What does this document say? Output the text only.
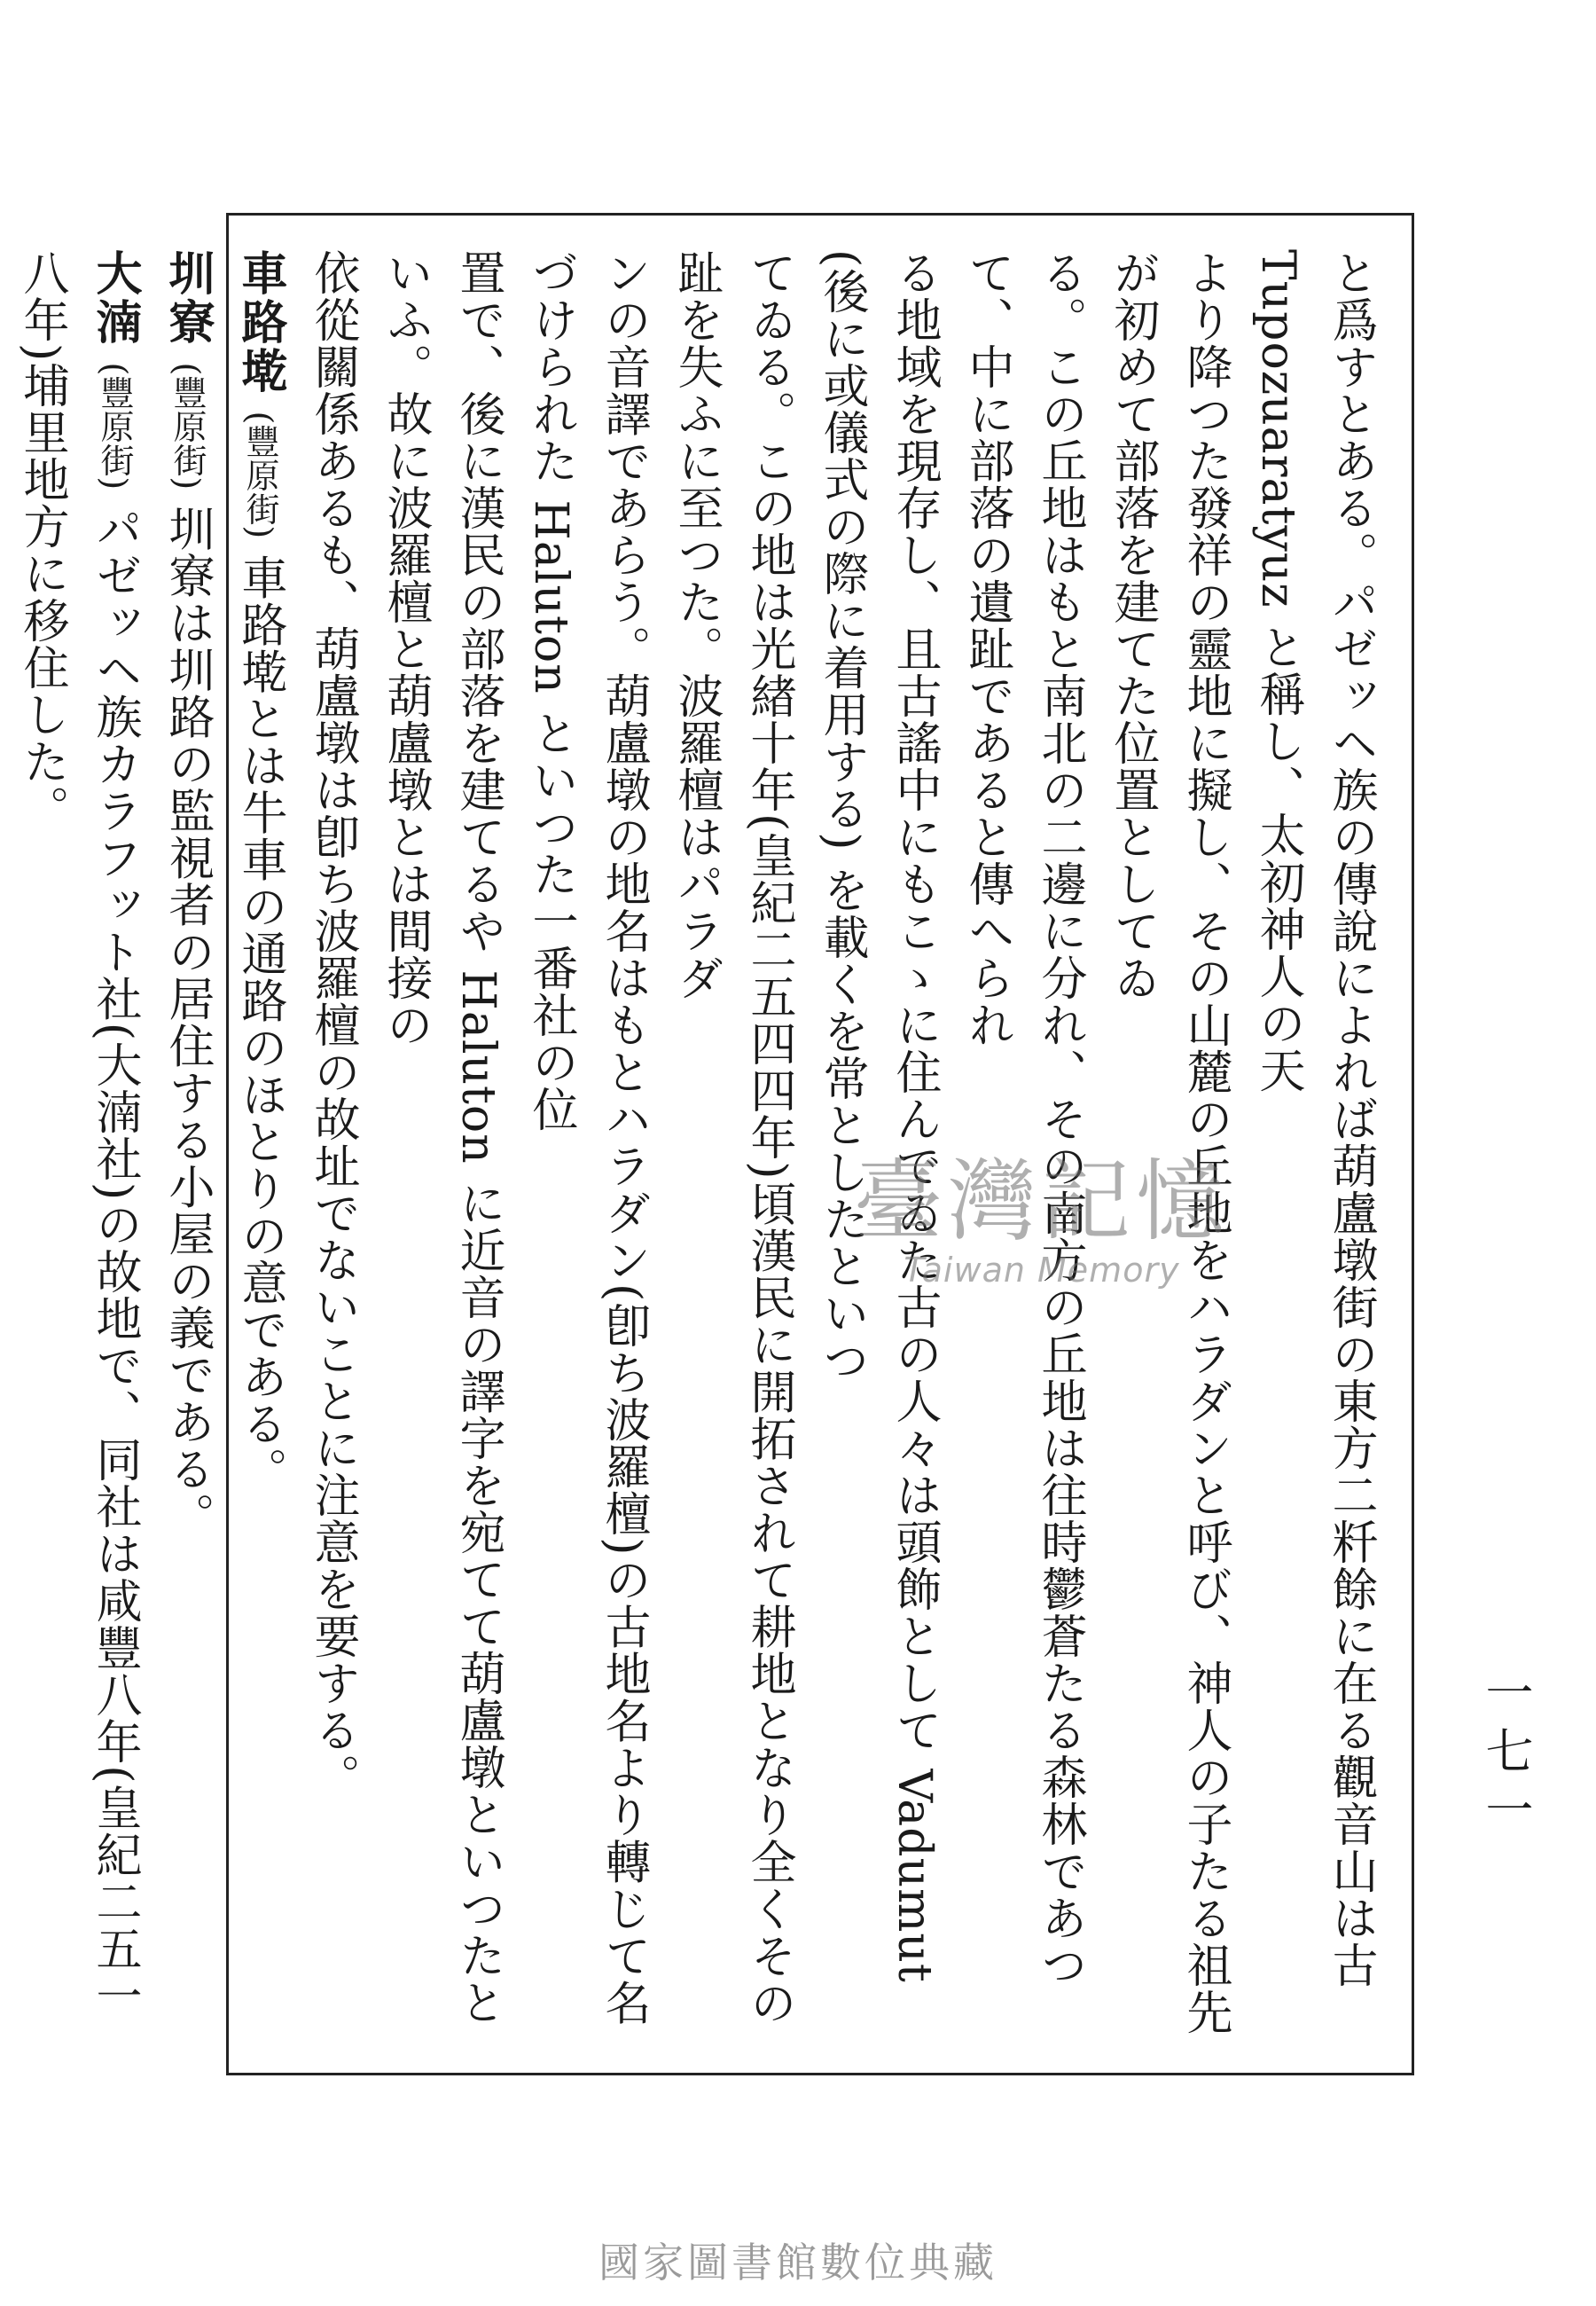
と爲すとある。パゼッヘ族の傳說によれば葫盧墩街の東方二粁餘に在る觀音山は古 Tupozuaratyuz と稱し、太初神人の天

より降つた發祥の靈地に擬し、その山麓の丘地をハラダンと呼び、神人の子たる祖先が初めて部落を建てた位置としてゐ

る。この丘地はもと南北の二邊に分れ、その南方の丘地は往時鬱蒼たる森林であつて、中に部落の遺趾であると傳へられ

る地域を現存し、且古謠中にもこゝに住んでゐた古の人々は頭飾として Vadumut (後に或儀式の際に着用する) を載くを常としたといつ

てゐる。この地は光緖十年(皇紀二五四四年)頃漢民に開拓されて耕地となり全くその趾を失ふに至つた。波羅檀はパラダ

ンの音譯であらう。葫盧墩の地名はもとハラダン(卽ち波羅檀)の古地名より轉じて名づけられた Haluton といつた一番社の位

置で、後に漢民の部落を建てるや Haluton に近音の譯字を宛てて葫盧墩といつたといふ。故に波羅檀と葫盧墩とは間接の

依從關係あるも、葫盧墩は卽ち波羅檀の故址でないことに注意を要する。

車路墘 (豐原街) 車路墘とは牛車の通路のほとりの意である。

圳寮 (豐原街) 圳寮は圳路の監視者の居住する小屋の義である。

大湳 (豐原街) パゼッヘ族カラフット社(大湳社)の故地で、同社は咸豐八年(皇紀二五一八年)埔里地方に移住した。

臺灣記憶
Taiwan Memory
一七一
國家圖書館數位典藏
